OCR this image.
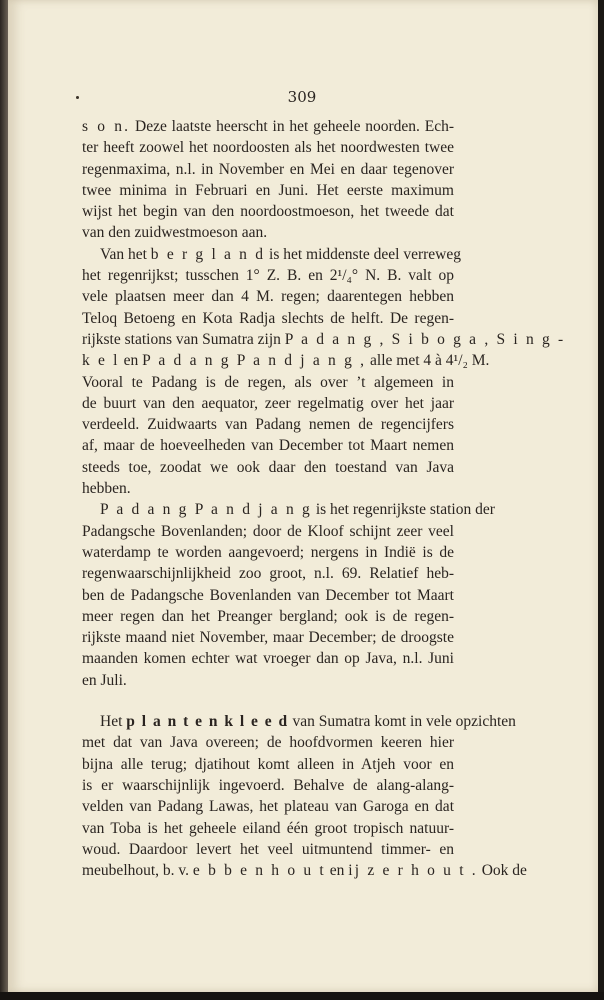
309
s o n. Deze laatste heerscht in het geheele noorden. Ech-
ter heeft zoowel het noordoosten als het noordwesten twee
regenmaxima, n.l. in November en Mei en daar tegenover
twee minima in Februari en Juni. Het eerste maximum
wijst het begin van den noordoostmoeson, het tweede dat
van den zuidwestmoeson aan.
Van het b e r g l a n d is het middenste deel verreweg
het regenrijkst; tusschen 1° Z. B. en 2¹/₄° N. B. valt op
vele plaatsen meer dan 4 M. regen; daarentegen hebben
Teloq Betoeng en Kota Radja slechts de helft. De regen-
rijkste stations van Sumatra zijn P a d a n g , S i b o g a , S i n g -
k e l en P a d a n g P a n d j a n g , alle met 4 à 4¹/₂ M.
Vooral te Padang is de regen, als over ’t algemeen in
de buurt van den aequator, zeer regelmatig over het jaar
verdeeld. Zuidwaarts van Padang nemen de regencijfers
af, maar de hoeveelheden van December tot Maart nemen
steeds toe, zoodat we ook daar den toestand van Java
hebben.
P a d a n g P a n d j a n g is het regenrijkste station der
Padangsche Bovenlanden; door de Kloof schijnt zeer veel
waterdamp te worden aangevoerd; nergens in Indië is de
regenwaarschijnlijkheid zoo groot, n.l. 69. Relatief heb-
ben de Padangsche Bovenlanden van December tot Maart
meer regen dan het Preanger bergland; ook is de regen-
rijkste maand niet November, maar December; de droogste
maanden komen echter wat vroeger dan op Java, n.l. Juni
en Juli.
Het p l a n t e n k l e e d van Sumatra komt in vele opzichten
met dat van Java overeen; de hoofdvormen keeren hier
bijna alle terug; djatihout komt alleen in Atjeh voor en
is er waarschijnlijk ingevoerd. Behalve de alang-alang-
velden van Padang Lawas, het plateau van Garoga en dat
van Toba is het geheele eiland één groot tropisch natuur-
woud. Daardoor levert het veel uitmuntend timmer- en
meubelhout, b. v. e b b e n h o u t en ij z e r h o u t . Ook de
